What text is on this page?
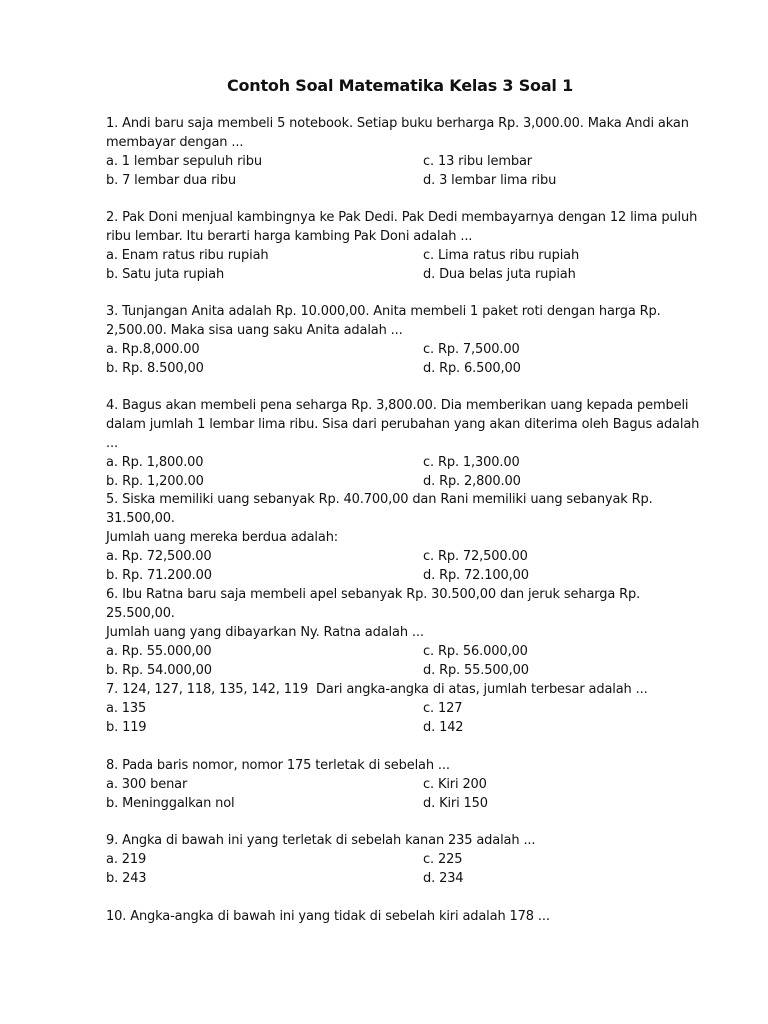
Contoh Soal Matematika Kelas 3 Soal 1
1. Andi baru saja membeli 5 notebook. Setiap buku berharga Rp. 3,000.00. Maka Andi akan
membayar dengan ...
a. 1 lembar sepuluh ribu	c. 13 ribu lembar
b. 7 lembar dua ribu	d. 3 lembar lima ribu
2. Pak Doni menjual kambingnya ke Pak Dedi. Pak Dedi membayarnya dengan 12 lima puluh
ribu lembar. Itu berarti harga kambing Pak Doni adalah ...
a. Enam ratus ribu rupiah	c. Lima ratus ribu rupiah
b. Satu juta rupiah	d. Dua belas juta rupiah
3. Tunjangan Anita adalah Rp. 10.000,00. Anita membeli 1 paket roti dengan harga Rp.
2,500.00. Maka sisa uang saku Anita adalah ...
a. Rp.8,000.00	c. Rp. 7,500.00
b. Rp. 8.500,00	d. Rp. 6.500,00
4. Bagus akan membeli pena seharga Rp. 3,800.00. Dia memberikan uang kepada pembeli
dalam jumlah 1 lembar lima ribu. Sisa dari perubahan yang akan diterima oleh Bagus adalah ...
a. Rp. 1,800.00	c. Rp. 1,300.00
b. Rp. 1,200.00	d. Rp. 2,800.00
5. Siska memiliki uang sebanyak Rp. 40.700,00 dan Rani memiliki uang sebanyak Rp. 31.500,00.
Jumlah uang mereka berdua adalah:
a. Rp. 72,500.00	c. Rp. 72,500.00
b. Rp. 71.200.00	d. Rp. 72.100,00
6. Ibu Ratna baru saja membeli apel sebanyak Rp. 30.500,00 dan jeruk seharga Rp. 25.500,00.
Jumlah uang yang dibayarkan Ny. Ratna adalah ...
a. Rp. 55.000,00	c. Rp. 56.000,00
b. Rp. 54.000,00	d. Rp. 55.500,00
7. 124, 127, 118, 135, 142, 119  Dari angka-angka di atas, jumlah terbesar adalah ...
a. 135	c. 127
b. 119	d. 142
8. Pada baris nomor, nomor 175 terletak di sebelah ...
a. 300 benar	c. Kiri 200
b. Meninggalkan nol	d. Kiri 150
9. Angka di bawah ini yang terletak di sebelah kanan 235 adalah ...
a. 219	c. 225
b. 243	d. 234
10. Angka-angka di bawah ini yang tidak di sebelah kiri adalah 178 ...
